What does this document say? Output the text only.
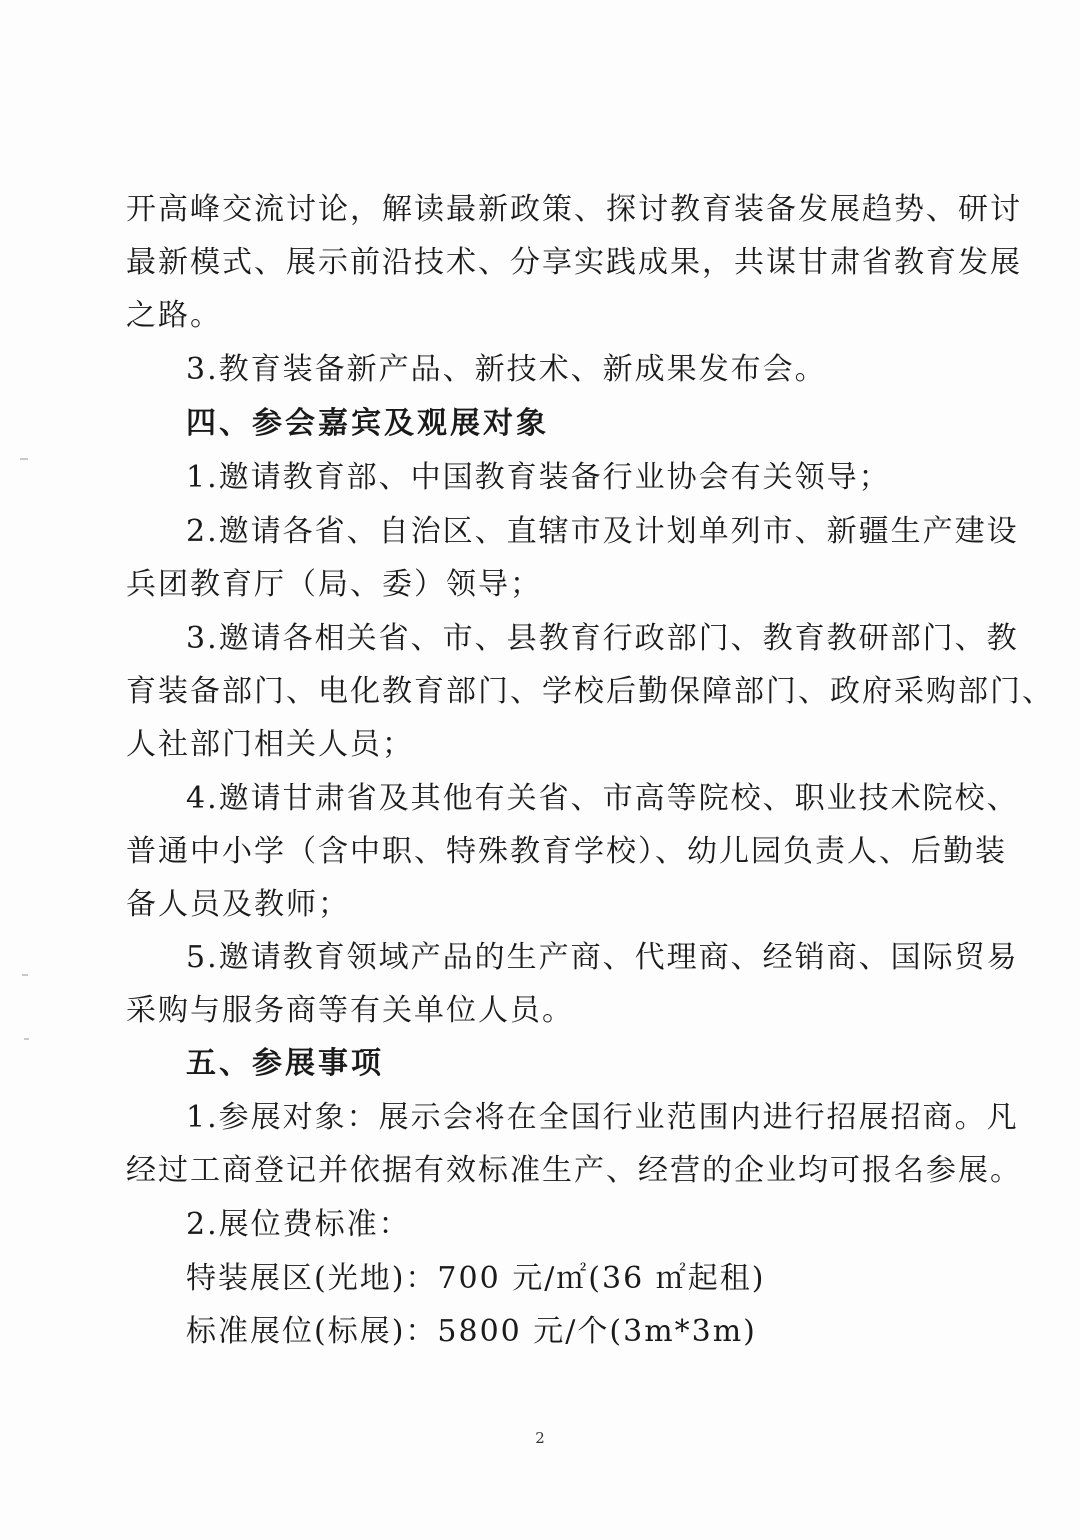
开高峰交流讨论，解读最新政策、探讨教育装备发展趋势、研讨
最新模式、展示前沿技术、分享实践成果，共谋甘肃省教育发展
之路。
3.教育装备新产品、新技术、新成果发布会。
四、参会嘉宾及观展对象
1.邀请教育部、中国教育装备行业协会有关领导；
2.邀请各省、自治区、直辖市及计划单列市、新疆生产建设
兵团教育厅（局、委）领导；
3.邀请各相关省、市、县教育行政部门、教育教研部门、教
育装备部门、电化教育部门、学校后勤保障部门、政府采购部门、
人社部门相关人员；
4.邀请甘肃省及其他有关省、市高等院校、职业技术院校、
普通中小学（含中职、特殊教育学校）、幼儿园负责人、后勤装
备人员及教师；
5.邀请教育领域产品的生产商、代理商、经销商、国际贸易
采购与服务商等有关单位人员。
五、参展事项
1.参展对象：展示会将在全国行业范围内进行招展招商。凡
经过工商登记并依据有效标准生产、经营的企业均可报名参展。
2.展位费标准：
特装展区(光地)：700 元/㎡(36 ㎡起租)
标准展位(标展)：5800 元/个(3m*3m)
2
